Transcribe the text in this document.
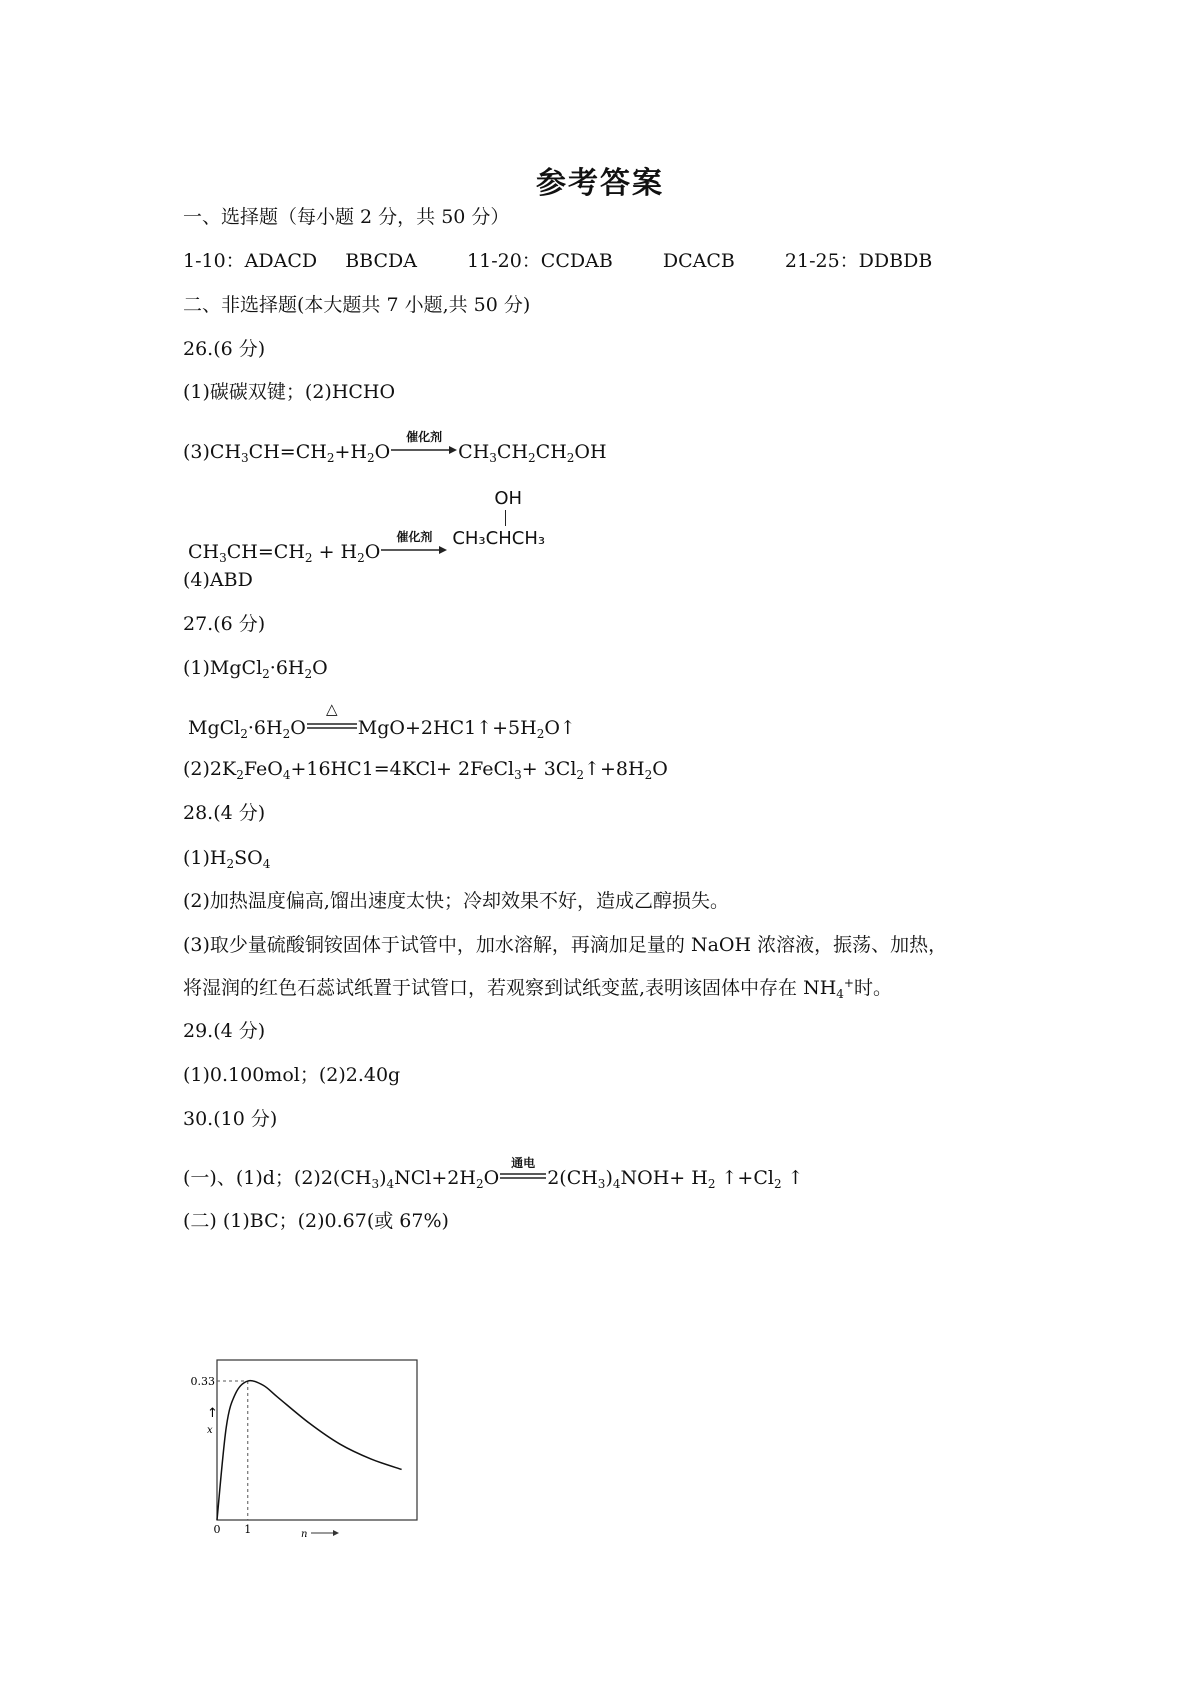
参考答案
一、选择题（每小题 2 分，共 50 分）
1-10：ADACD BBCDA	11-20：CCDAB	DCACB	21-25：DDBDB
二、非选择题(本大题共 7 小题,共 50 分)
26.(6 分)
(1)碳碳双键；(2)HCHO
$(3)CH_3CH=CH_2+H_2O$
催化剂
$CH_3CH_2CH_2OH$
$CH_3CH=CH_2 + H_2O$
催化剂
OH
CH₃CHCH₃
(4)ABD
27.(6 分)
$(1)MgCl_2\cdot 6H_2O$
$MgCl_2\cdot 6H_2O$
△
$MgO+2HC1↑+5H_2O↑$
$(2)2K_2FeO_4+16HC1=4KCl+$ 2FeCl$_3$+ $3Cl_2↑+8H_2O$
28.(4 分)
$(1)H_2SO_4$
(2)加热温度偏高,馏出速度太快；冷却效果不好，造成乙醇损失。
(3)取少量硫酸铜铵固体于试管中，加水溶解，再滴加足量的 NaOH 浓溶液，振荡、加热，
将湿润的红色石蕊试纸置于试管口，若观察到试纸变蓝,表明该固体中存在 $NH_4^+$时。
29.(4 分)
(1)0.100mol；(2)2.40g
30.(10 分)
(一)、(1)d；$(2)2(CH_3)_4NCl+2H_2O$
通电
$2(CH_3)_4NOH+ H_2$ $↑+Cl_2$ ↑
(二) (1)BC；(2)0.67(或 67%)
0.33
0 1
x
↑
n
